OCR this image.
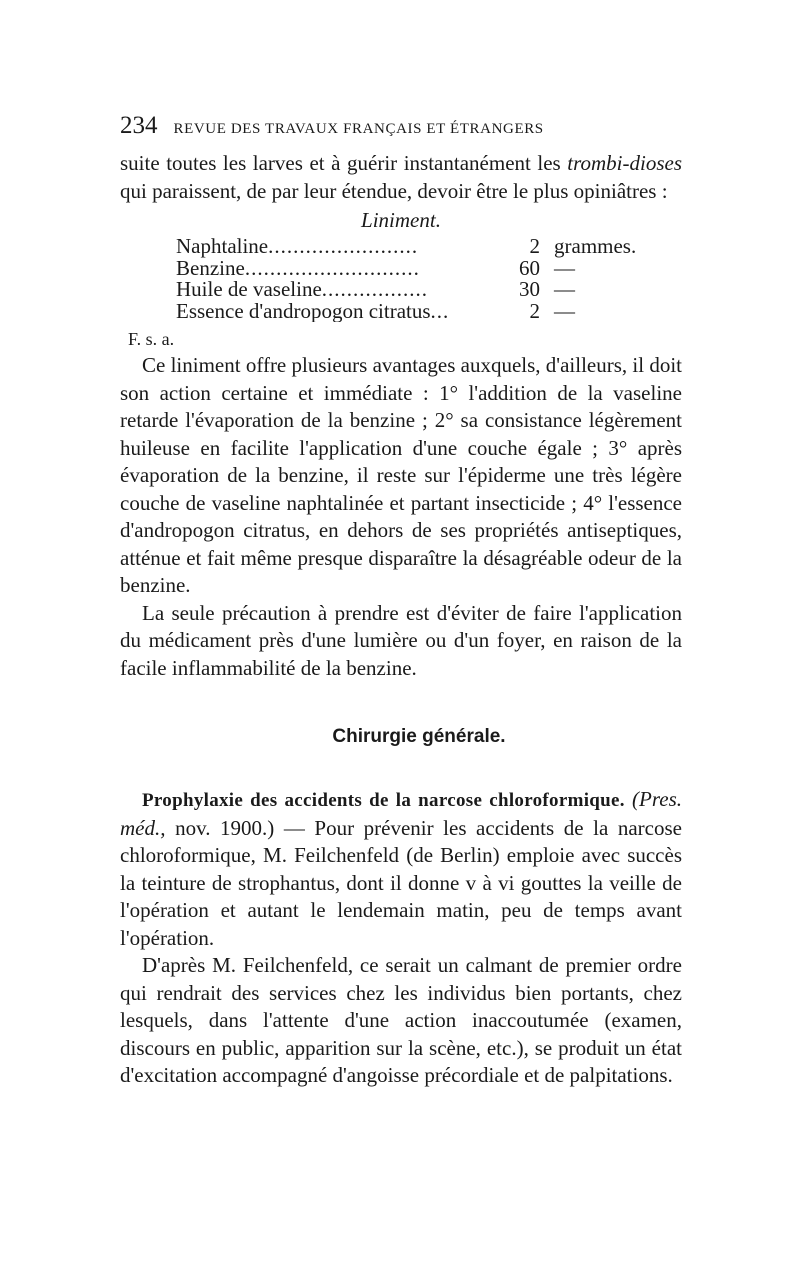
234 REVUE DES TRAVAUX FRANÇAIS ET ÉTRANGERS

suite toutes les larves et à guérir instantanément les trombi-dioses qui paraissent, de par leur étendue, devoir être le plus opiniâtres :

Liniment.
Naphtaline........................	2 grammes.
Benzine............................	60 —
Huile de vaseline.................	30 —
Essence d'andropogon citratus...	2 —
F. s. a.

Ce liniment offre plusieurs avantages auxquels, d'ailleurs, il doit son action certaine et immédiate : 1° l'addition de la vaseline retarde l'évaporation de la benzine ; 2° sa consistance légèrement huileuse en facilite l'application d'une couche égale ; 3° après évaporation de la benzine, il reste sur l'épiderme une très légère couche de vaseline naphtalinée et partant insecticide ; 4° l'essence d'andropogon citratus, en dehors de ses propriétés antiseptiques, atténue et fait même presque disparaître la désagréable odeur de la benzine.

La seule précaution à prendre est d'éviter de faire l'application du médicament près d'une lumière ou d'un foyer, en raison de la facile inflammabilité de la benzine.

Chirurgie générale.

Prophylaxie des accidents de la narcose chloroformique. (Pres. méd., nov. 1900.) — Pour prévenir les accidents de la narcose chloroformique, M. Feilchenfeld (de Berlin) emploie avec succès la teinture de strophantus, dont il donne v à vi gouttes la veille de l'opération et autant le lendemain matin, peu de temps avant l'opération.

D'après M. Feilchenfeld, ce serait un calmant de premier ordre qui rendrait des services chez les individus bien portants, chez lesquels, dans l'attente d'une action inaccoutumée (examen, discours en public, apparition sur la scène, etc.), se produit un état d'excitation accompagné d'angoisse précordiale et de palpitations.
